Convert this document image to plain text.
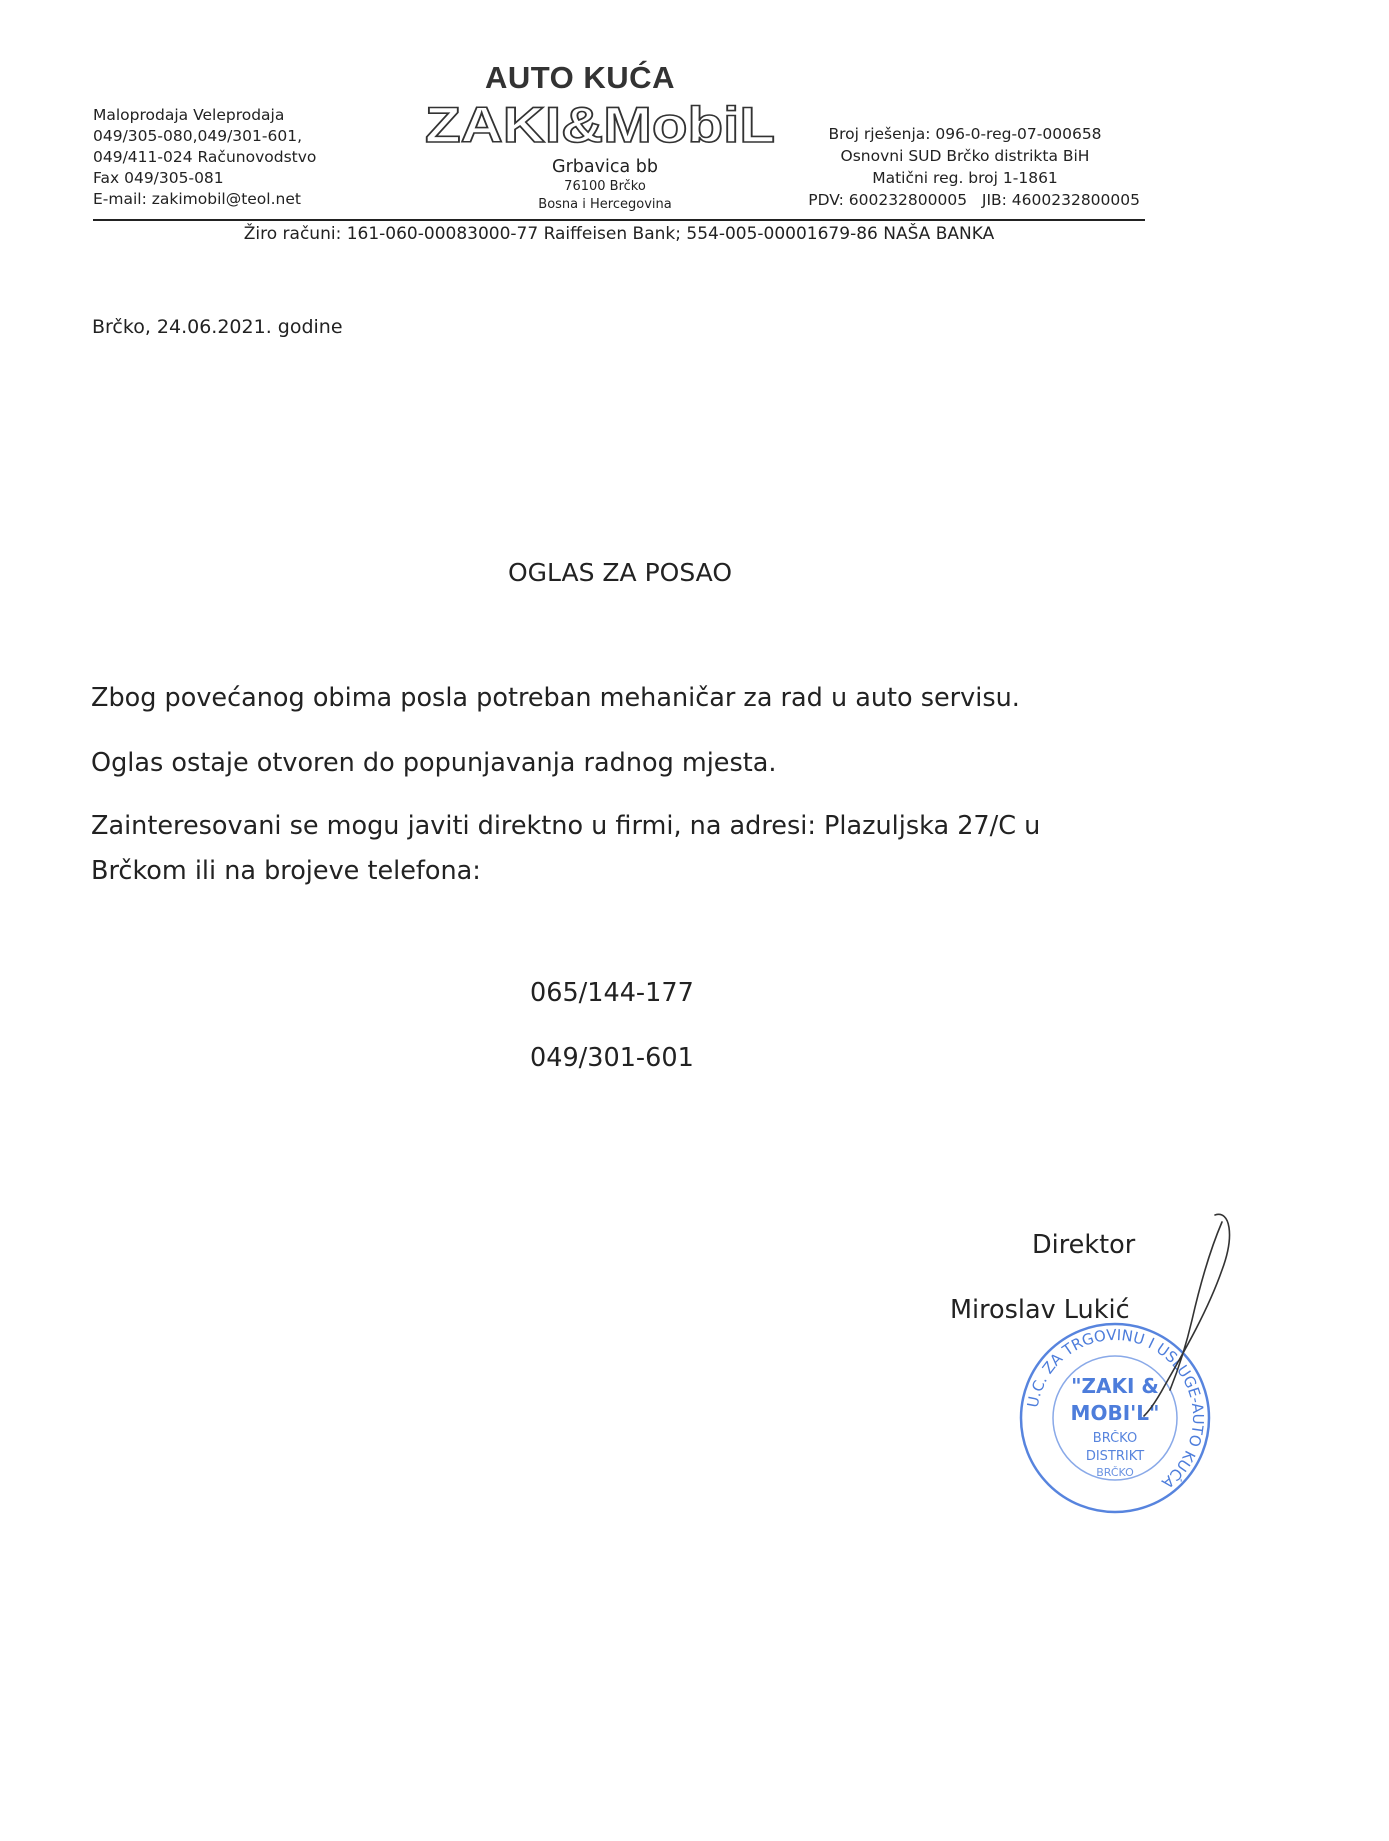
Maloprodaja Veleprodaja
049/305-080,049/301-601,
049/411-024 Računovodstvo
Fax 049/305-081
E-mail: zakimobil@teol.net
AUTO KUĆA
ZAKI&MobiL
Grbavica bb
76100 Brčko
Bosna i Hercegovina
Broj rješenja: 096-0-reg-07-000658
Osnovni SUD Brčko distrikta BiH
Matični reg. broj 1-1861
PDV: 600232800005   JIB: 4600232800005
Žiro računi: 161-060-00083000-77 Raiffeisen Bank; 554-005-00001679-86 NAŠA BANKA
Brčko, 24.06.2021. godine
OGLAS ZA POSAO
Zbog povećanog obima posla potreban mehaničar za rad u auto servisu.
Oglas ostaje otvoren do popunjavanja radnog mjesta.
Zainteresovani se mogu javiti direktno u firmi, na adresi: Plazuljska 27/C u
Brčkom ili na brojeve telefona:
065/144-177
049/301-601
Direktor
Miroslav Lukić
U.C. ZA TRGOVINU I USLUGE-AUTO KUĆA
"ZAKI &
MOBI'L"
BRČKO
DISTRIKT
BRČKO
